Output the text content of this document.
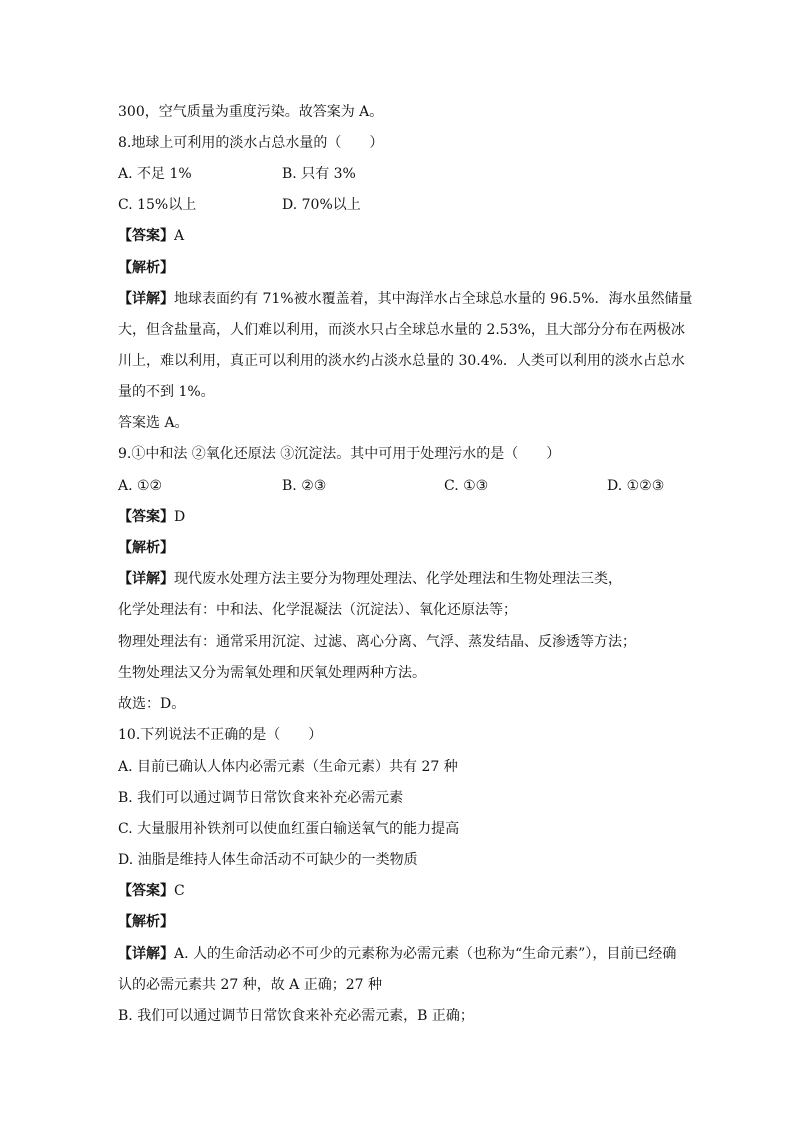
300，空气质量为重度污染。故答案为 A。
8.地球上可利用的淡水占总水量的（　　）
A. 不足 1%	B. 只有 3%
C. 15%以上	D. 70%以上
【答案】A
【解析】
【详解】地球表面约有 71%被水覆盖着，其中海洋水占全球总水量的 96.5%．海水虽然储量
大，但含盐量高，人们难以利用，而淡水只占全球总水量的 2.53%，且大部分分布在两极冰
川上，难以利用，真正可以利用的淡水约占淡水总量的 30.4%．人类可以利用的淡水占总水
量的不到 1%。
答案选 A。
9.①中和法 ②氧化还原法 ③沉淀法。其中可用于处理污水的是（　　）
A. ①②	B. ②③	C. ①③	D. ①②③
【答案】D
【解析】
【详解】现代废水处理方法主要分为物理处理法、化学处理法和生物处理法三类，
化学处理法有：中和法、化学混凝法（沉淀法）、氧化还原法等；
物理处理法有：通常采用沉淀、过滤、离心分离、气浮、蒸发结晶、反渗透等方法；
生物处理法又分为需氧处理和厌氧处理两种方法。
故选：D。
10.下列说法不正确的是（　　）
A. 目前已确认人体内必需元素（生命元素）共有 27 种
B. 我们可以通过调节日常饮食来补充必需元素
C. 大量服用补铁剂可以使血红蛋白输送氧气的能力提高
D. 油脂是维持人体生命活动不可缺少的一类物质
【答案】C
【解析】
【详解】A. 人的生命活动必不可少的元素称为必需元素（也称为“生命元素”），目前已经确
认的必需元素共 27 种，故 A 正确；27 种
B. 我们可以通过调节日常饮食来补充必需元素，B 正确；
